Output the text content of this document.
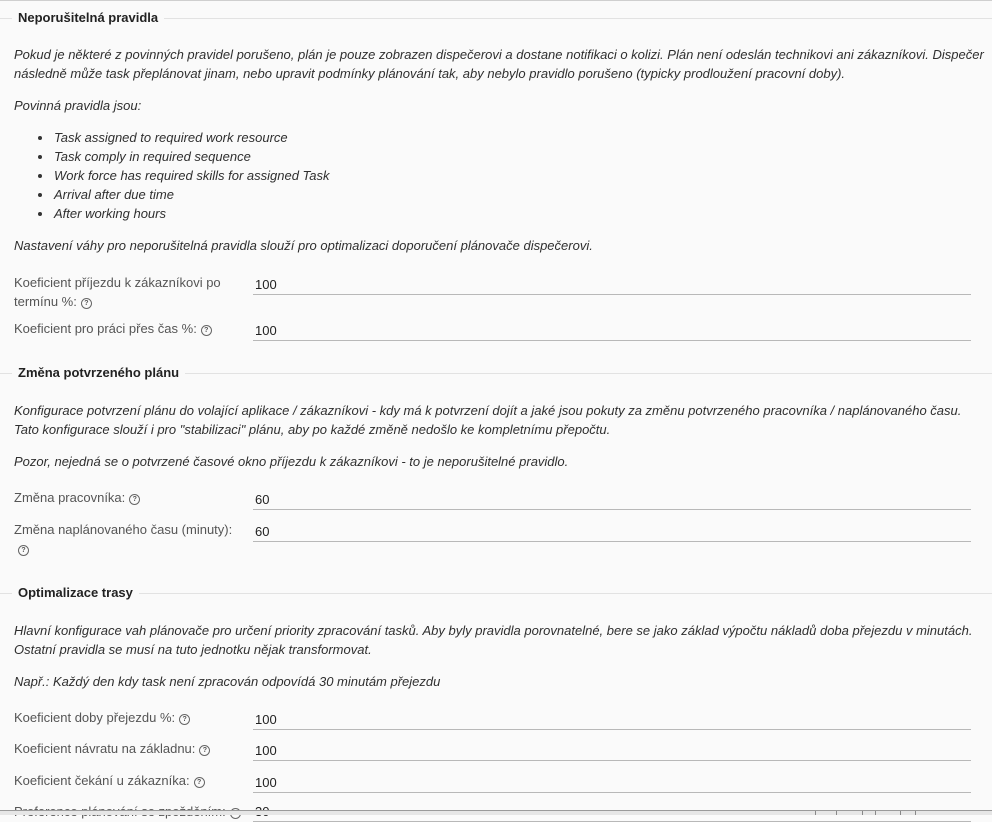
Neporušitelná pravidla
Pokud je některé z povinných pravidel porušeno, plán je pouze zobrazen dispečerovi a dostane notifikaci o kolizi. Plán není odeslán technikovi ani zákazníkovi. Dispečer následně může task přeplánovat jinam, nebo upravit podmínky plánování tak, aby nebylo pravidlo porušeno (typicky prodloužení pracovní doby).
Povinná pravidla jsou:
Task assigned to required work resource
Task comply in required sequence
Work force has required skills for assigned Task
Arrival after due time
After working hours
Nastavení váhy pro neporušitelná pravidla slouží pro optimalizaci doporučení plánovače dispečerovi.
Koeficient příjezdu k zákazníkovi po termínu %: ?
100
Koeficient pro práci přes čas %: ?
100
Změna potvrzeného plánu
Konfigurace potvrzení plánu do volající aplikace / zákazníkovi - kdy má k potvrzení dojít a jaké jsou pokuty za změnu potvrzeného pracovníka / naplánovaného času. Tato konfigurace slouží i pro "stabilizaci" plánu, aby po každé změně nedošlo ke kompletnímu přepočtu.
Pozor, nejedná se o potvrzené časové okno příjezdu k zákazníkovi - to je neporušitelné pravidlo.
Změna pracovníka: ?
60
Změna naplánovaného času (minuty):?
60
Optimalizace trasy
Hlavní konfigurace vah plánovače pro určení priority zpracování tasků. Aby byly pravidla porovnatelné, bere se jako základ výpočtu nákladů doba přejezdu v minutách. Ostatní pravidla se musí na tuto jednotku nějak transformovat.
Např.: Každý den kdy task není zpracován odpovídá 30 minutám přejezdu
Koeficient doby přejezdu %: ?
100
Koeficient návratu na základnu: ?
100
Koeficient čekání u zákazníka: ?
100
30
